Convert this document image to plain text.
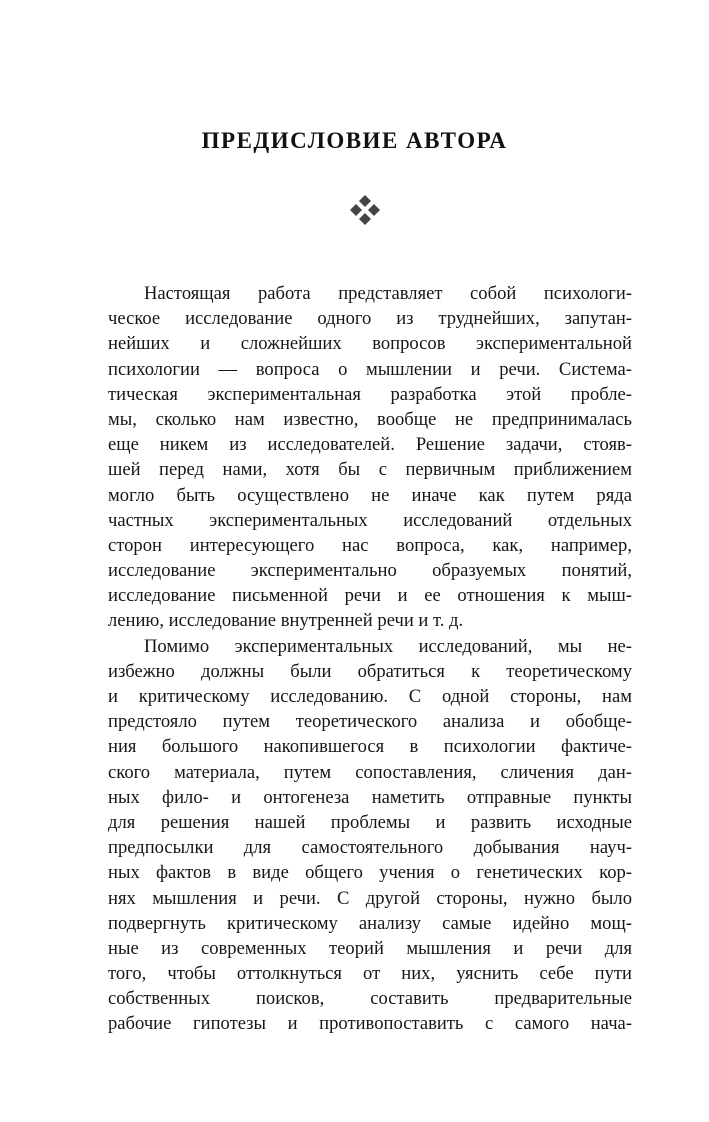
ПРЕДИСЛОВИЕ АВТОРА
Настоящая работа представляет собой психологи-
ческое исследование одного из труднейших, запутан-
нейших и сложнейших вопросов экспериментальной
психологии — вопроса о мышлении и речи. Система-
тическая экспериментальная разработка этой пробле-
мы, сколько нам известно, вообще не предпринималась
еще никем из исследователей. Решение задачи, стояв-
шей перед нами, хотя бы с первичным приближением
могло быть осуществлено не иначе как путем ряда
частных экспериментальных исследований отдельных
сторон интересующего нас вопроса, как, например,
исследование экспериментально образуемых понятий,
исследование письменной речи и ее отношения к мыш-
лению, исследование внутренней речи и т. д.
Помимо экспериментальных исследований, мы не-
избежно должны были обратиться к теоретическому
и критическому исследованию. С одной стороны, нам
предстояло путем теоретического анализа и обобще-
ния большого накопившегося в психологии фактиче-
ского материала, путем сопоставления, сличения дан-
ных фило- и онтогенеза наметить отправные пункты
для решения нашей проблемы и развить исходные
предпосылки для самостоятельного добывания науч-
ных фактов в виде общего учения о генетических кор-
нях мышления и речи. С другой стороны, нужно было
подвергнуть критическому анализу самые идейно мощ-
ные из современных теорий мышления и речи для
того, чтобы оттолкнуться от них, уяснить себе пути
собственных поисков, составить предварительные
рабочие гипотезы и противопоставить с самого нача-
